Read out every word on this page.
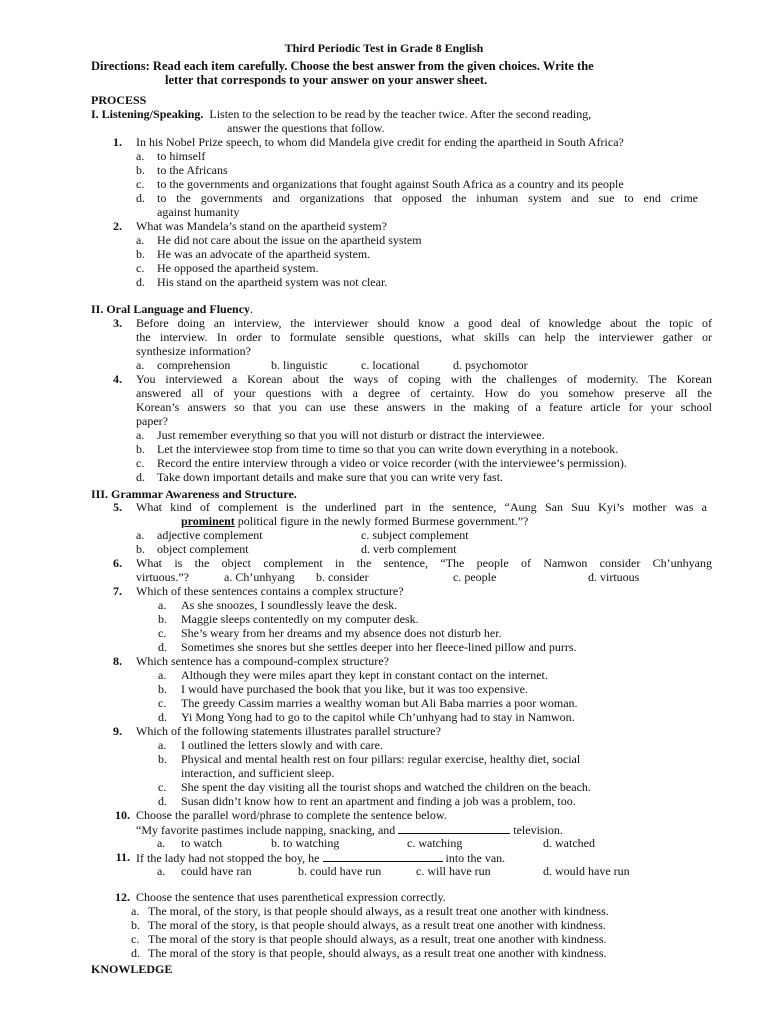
Third Periodic Test in Grade 8 English
Directions: Read each item carefully. Choose the best answer from the given choices. Write the
letter that corresponds to your answer on your answer sheet.
PROCESS
I. Listening/Speaking. Listen to the selection to be read by the teacher twice. After the second reading,
answer the questions that follow.
1. In his Nobel Prize speech, to whom did Mandela give credit for ending the apartheid in South Africa?
a. to himself
b. to the Africans
c. to the governments and organizations that fought against South Africa as a country and its people
d. to the governments and organizations that opposed the inhuman system and sue to end crime
against humanity
2. What was Mandela’s stand on the apartheid system?
a. He did not care about the issue on the apartheid system
b. He was an advocate of the apartheid system.
c. He opposed the apartheid system.
d. His stand on the apartheid system was not clear.
II. Oral Language and Fluency.
3. Before doing an interview, the interviewer should know a good deal of knowledge about the topic of
the interview. In order to formulate sensible questions, what skills can help the interviewer gather or
synthesize information?
a. comprehension	b. linguistic	c. locational	d. psychomotor
4. You interviewed a Korean about the ways of coping with the challenges of modernity. The Korean
answered all of your questions with a degree of certainty. How do you somehow preserve all the
Korean’s answers so that you can use these answers in the making of a feature article for your school
paper?
a. Just remember everything so that you will not disturb or distract the interviewee.
b. Let the interviewee stop from time to time so that you can write down everything in a notebook.
c. Record the entire interview through a video or voice recorder (with the interviewee’s permission).
d. Take down important details and make sure that you can write very fast.
III. Grammar Awareness and Structure.
5. What kind of complement is the underlined part in the sentence, “Aung San Suu Kyi’s mother was a
prominent political figure in the newly formed Burmese government.”?
a. adjective complement	c. subject complement
b. object complement	d. verb complement
6. What is the object complement in the sentence, “The people of Namwon consider Ch’unhyang
virtuous.”?	a. Ch’unhyang b. consider	c. people	d. virtuous
7. Which of these sentences contains a complex structure?
a. As she snoozes, I soundlessly leave the desk.
b. Maggie sleeps contentedly on my computer desk.
c. She’s weary from her dreams and my absence does not disturb her.
d. Sometimes she snores but she settles deeper into her fleece-lined pillow and purrs.
8. Which sentence has a compound-complex structure?
a. Although they were miles apart they kept in constant contact on the internet.
b. I would have purchased the book that you like, but it was too expensive.
c. The greedy Cassim marries a wealthy woman but Ali Baba marries a poor woman.
d. Yi Mong Yong had to go to the capitol while Ch’unhyang had to stay in Namwon.
9. Which of the following statements illustrates parallel structure?
a. I outlined the letters slowly and with care.
b. Physical and mental health rest on four pillars: regular exercise, healthy diet, social
interaction, and sufficient sleep.
c. She spent the day visiting all the tourist shops and watched the children on the beach.
d. Susan didn’t know how to rent an apartment and finding a job was a problem, too.
10. Choose the parallel word/phrase to complete the sentence below.
“My favorite pastimes include napping, snacking, and	television.
a. to watch	b. to watching	c. watching	d. watched
11. If the lady had not stopped the boy, he	into the van.
a. could have ran	b. could have run	c. will have run	d. would have run
12. Choose the sentence that uses parenthetical expression correctly.
a. The moral, of the story, is that people should always, as a result treat one another with kindness.
b. The moral of the story, is that people should always, as a result treat one another with kindness.
c. The moral of the story is that people should always, as a result, treat one another with kindness.
d. The moral of the story is that people, should always, as a result treat one another with kindness.
KNOWLEDGE
